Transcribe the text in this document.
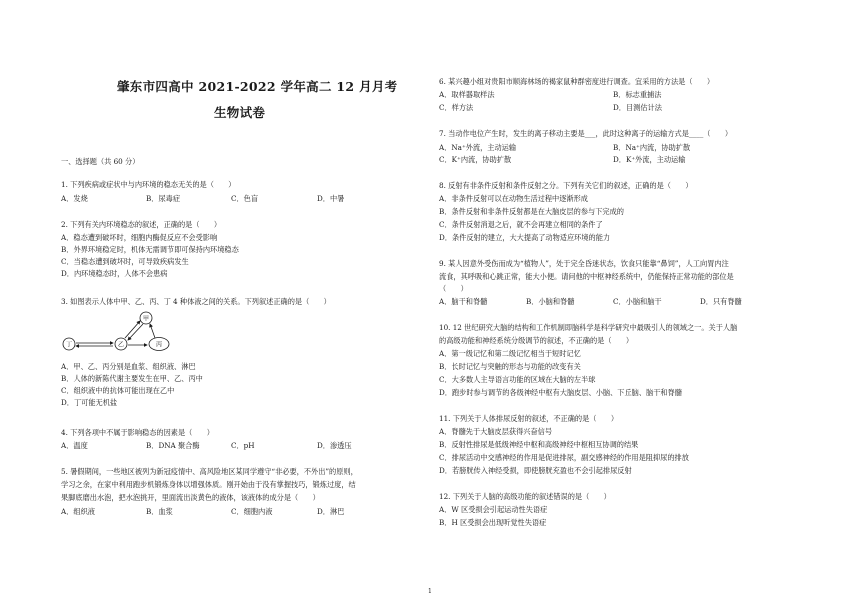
肇东市四高中 2021-2022 学年高二 12 月月考
生物试卷
一、选择题（共 60 分）
1. 下列疾病或症状中与内环境的稳态无关的是（　　）
A．发烧	B．尿毒症	C．色盲	D．中暑
2. 下列有关内环境稳态的叙述，正确的是（　　）
A．稳态遭到破坏时，细胞内酶促反应不会受影响
B．外界环境稳定时，机体无需调节即可保持内环境稳态
C．当稳态遭到破坏时，可导致疾病发生
D．内环境稳态时，人体不会患病
3. 如图表示人体中甲、乙、丙、丁 4 种体液之间的关系。下列叙述正确的是（　　）
丁	乙
甲
丙
A．甲、乙、丙分别是血浆、组织液、淋巴
B．人体的新陈代谢主要发生在甲、乙、丙中
C．组织液中的抗体可能出现在乙中
D．丁可能无机盐
4. 下列各项中不属于影响稳态的因素是（　　）
A．温度	B．DNA 聚合酶	C．pH	D．渗透压
5. 暑假期间，一些地区被列为新冠疫情中、高风险地区某同学遵守“非必要，不外出”的原则，
学习之余，在家中利用跑步机锻炼身体以增强体质。刚开始由于没有掌握技巧，锻炼过度，结
果脚底磨出水泡，把水泡挑开，里面流出淡黄色的液体，该液体的成分是（　　）
A．组织液	B．血浆	C．细胞内液	D．淋巴
6. 某兴趣小组对贵阳市顺海林场的褐家鼠种群密度进行调查。宜采用的方法是（　　）
A．取样器取样法	B．标志重捕法
C．样方法	D．目测估计法
7. 当动作电位产生时，发生的离子移动主要是___，此时这种离子的运输方式是____（　　）
A．Na⁺外流，主动运输	B．Na⁺内流，协助扩散
C．K⁺内流，协助扩散	D．K⁺外流，主动运输
8. 反射有非条件反射和条件反射之分。下列有关它们的叙述，正确的是（　　）
A．非条件反射可以在动物生活过程中逐渐形成
B．条件反射和非条件反射都是在大脑皮层的参与下完成的
C．条件反射消退之后，就不会再建立相同的条件了
D．条件反射的建立，大大提高了动物适应环境的能力
9. 某人因意外受伤而成为“植物人”，处于完全昏迷状态，饮食只能靠“鼻饲”，人工向胃内注
流食，其呼吸和心跳正常，能大小便。请问他的中枢神经系统中，仍能保持正常功能的部位是
（　　）
A．脑干和脊髓	B．小脑和脊髓	C．小脑和脑干	D．只有脊髓
10. 12 世纪研究大脑的结构和工作机制即脑科学是科学研究中最吸引人的领域之一。关于人脑
的高级功能和神经系统分级调节的叙述，不正确的是（　　）
A．第一级记忆和第二级记忆相当于短时记忆
B．长时记忆与突触的形态与功能的改变有关
C．大多数人主导语言功能的区域在大脑的左半球
D．跑步时参与调节的各级神经中枢有大脑皮层、小脑、下丘脑、脑干和脊髓
11. 下列关于人体排尿反射的叙述，不正确的是（　　）
A．脊髓先于大脑皮层获得兴奋信号
B．反射性排尿是低级神经中枢和高级神经中枢相互协调的结果
C．排尿活动中交感神经的作用是促进排尿，副交感神经的作用是阻抑尿的排放
D．若膀胱传入神经受损，即使膀胱充盈也不会引起排尿反射
12. 下列关于人脑的高级功能的叙述错误的是（　　）
A．W 区受损会引起运动性失语症
B．H 区受损会出现听觉性失语症
1
